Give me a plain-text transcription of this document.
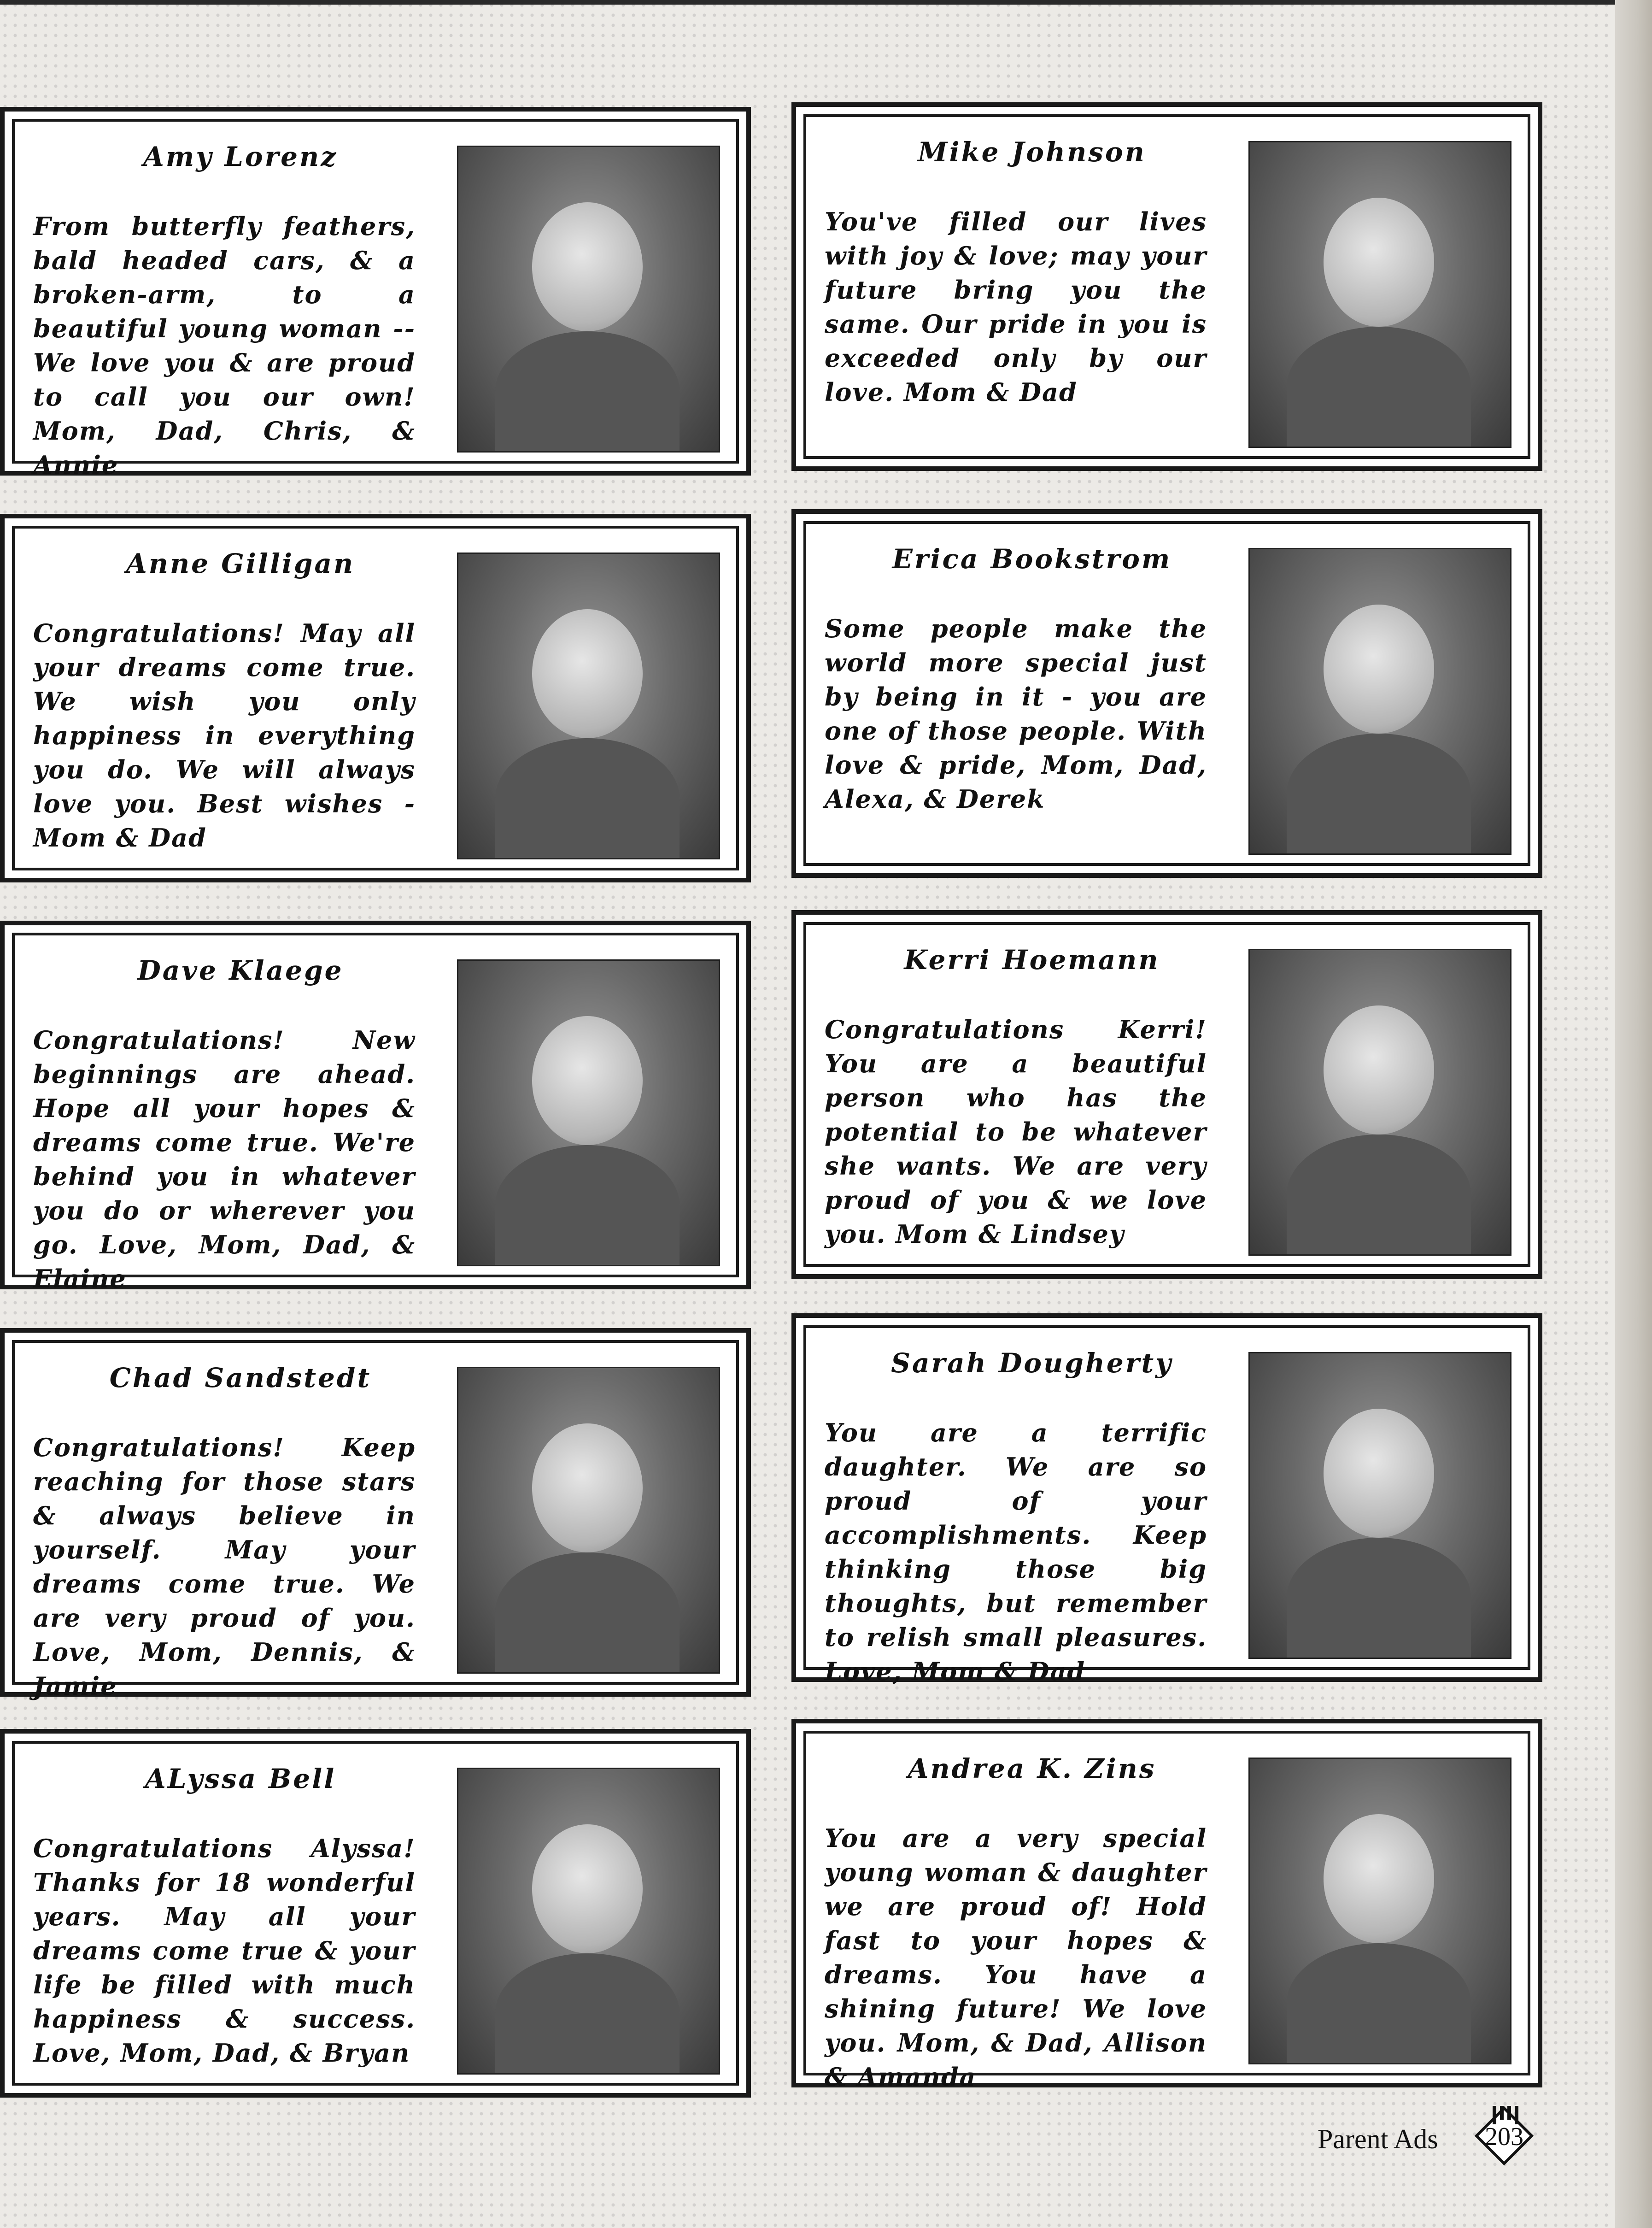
Amy Lorenz
From butterfly feathers, bald headed cars, & a broken-arm, to a beautiful young woman -- We love you & are proud to call you our own! Mom, Dad, Chris, & Annie
Mike Johnson
You've filled our lives with joy & love; may your future bring you the same. Our pride in you is exceeded only by our love. Mom & Dad
Anne Gilligan
Congratulations! May all your dreams come true. We wish you only happiness in everything you do. We will always love you. Best wishes - Mom & Dad
Erica Bookstrom
Some people make the world more special just by being in it - you are one of those people. With love & pride, Mom, Dad, Alexa, & Derek
Dave Klaege
Congratulations! New beginnings are ahead. Hope all your hopes & dreams come true. We're behind you in whatever you do or wherever you go. Love, Mom, Dad, & Elaine
Kerri Hoemann
Congratulations Kerri! You are a beautiful person who has the potential to be whatever she wants. We are very proud of you & we love you. Mom & Lindsey
Chad Sandstedt
Congratulations! Keep reaching for those stars & always believe in yourself. May your dreams come true. We are very proud of you. Love, Mom, Dennis, & Jamie
Sarah Dougherty
You are a terrific daughter. We are so proud of your accomplishments. Keep thinking those big thoughts, but remember to relish small pleasures. Love, Mom & Dad
ALyssa Bell
Congratulations Alyssa! Thanks for 18 wonderful years. May all your dreams come true & your life be filled with much happiness & success. Love, Mom, Dad, & Bryan
Andrea K. Zins
You are a very special young woman & daughter we are proud of! Hold fast to your hopes & dreams. You have a shining future! We love you. Mom, & Dad, Allison & Amanda
Parent Ads	203
